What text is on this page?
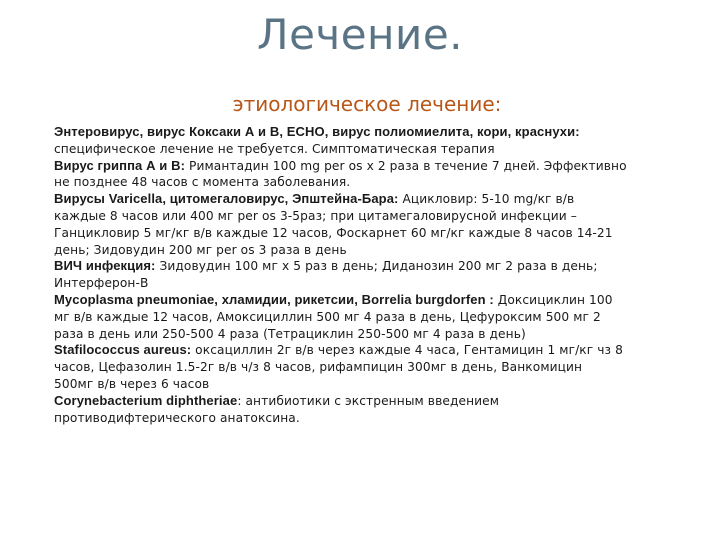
Лечение.
этиологическое лечение:
Энтеровирус, вирус Коксаки А и В, ЕСНО, вирус полиомиелита, кори, краснухи:
специфическое лечение не требуется. Симптоматическая терапия
Вирус гриппа А и В: Римантадин 100 mg per os x 2 раза в течение 7 дней. Эффективно
не позднее 48 часов с момента заболевания.
Вирусы Varicella, цитомегаловирус, Эпштейна-Бара: Ацикловир: 5-10 mg/кг в/в
каждые 8 часов или 400 мг per os 3-5раз; при цитамегаловирусной инфекции –
Ганцикловир 5 мг/кг в/в каждые 12 часов, Фоскарнет 60 мг/кг каждые 8 часов 14-21
день; Зидовудин 200 мг per os 3 раза в день
ВИЧ инфекция: Зидовудин 100 мг x 5 раз в день; Диданозин 200 мг 2 раза в день;
Интерферон-В
Mycoplasma pneumoniae, хламидии, рикетсии, Borrelia burgdorfen : Доксициклин 100
мг в/в каждые 12 часов, Амоксициллин 500 мг 4 раза в день, Цефуроксим 500 мг 2
раза в день или 250-500 4 раза (Тетрациклин 250-500 мг 4 раза в день)
Stafilococcus aureus: оксациллин 2г в/в через каждые 4 часа, Гентамицин 1 мг/кг чз 8
часов, Цефазолин 1.5-2г в/в ч/з 8 часов, рифампицин 300мг в день, Ванкомицин
500мг в/в через 6 часов
Corynebacterium diphtheriae: антибиотики с экстренным введением
противодифтерического анатоксина.
